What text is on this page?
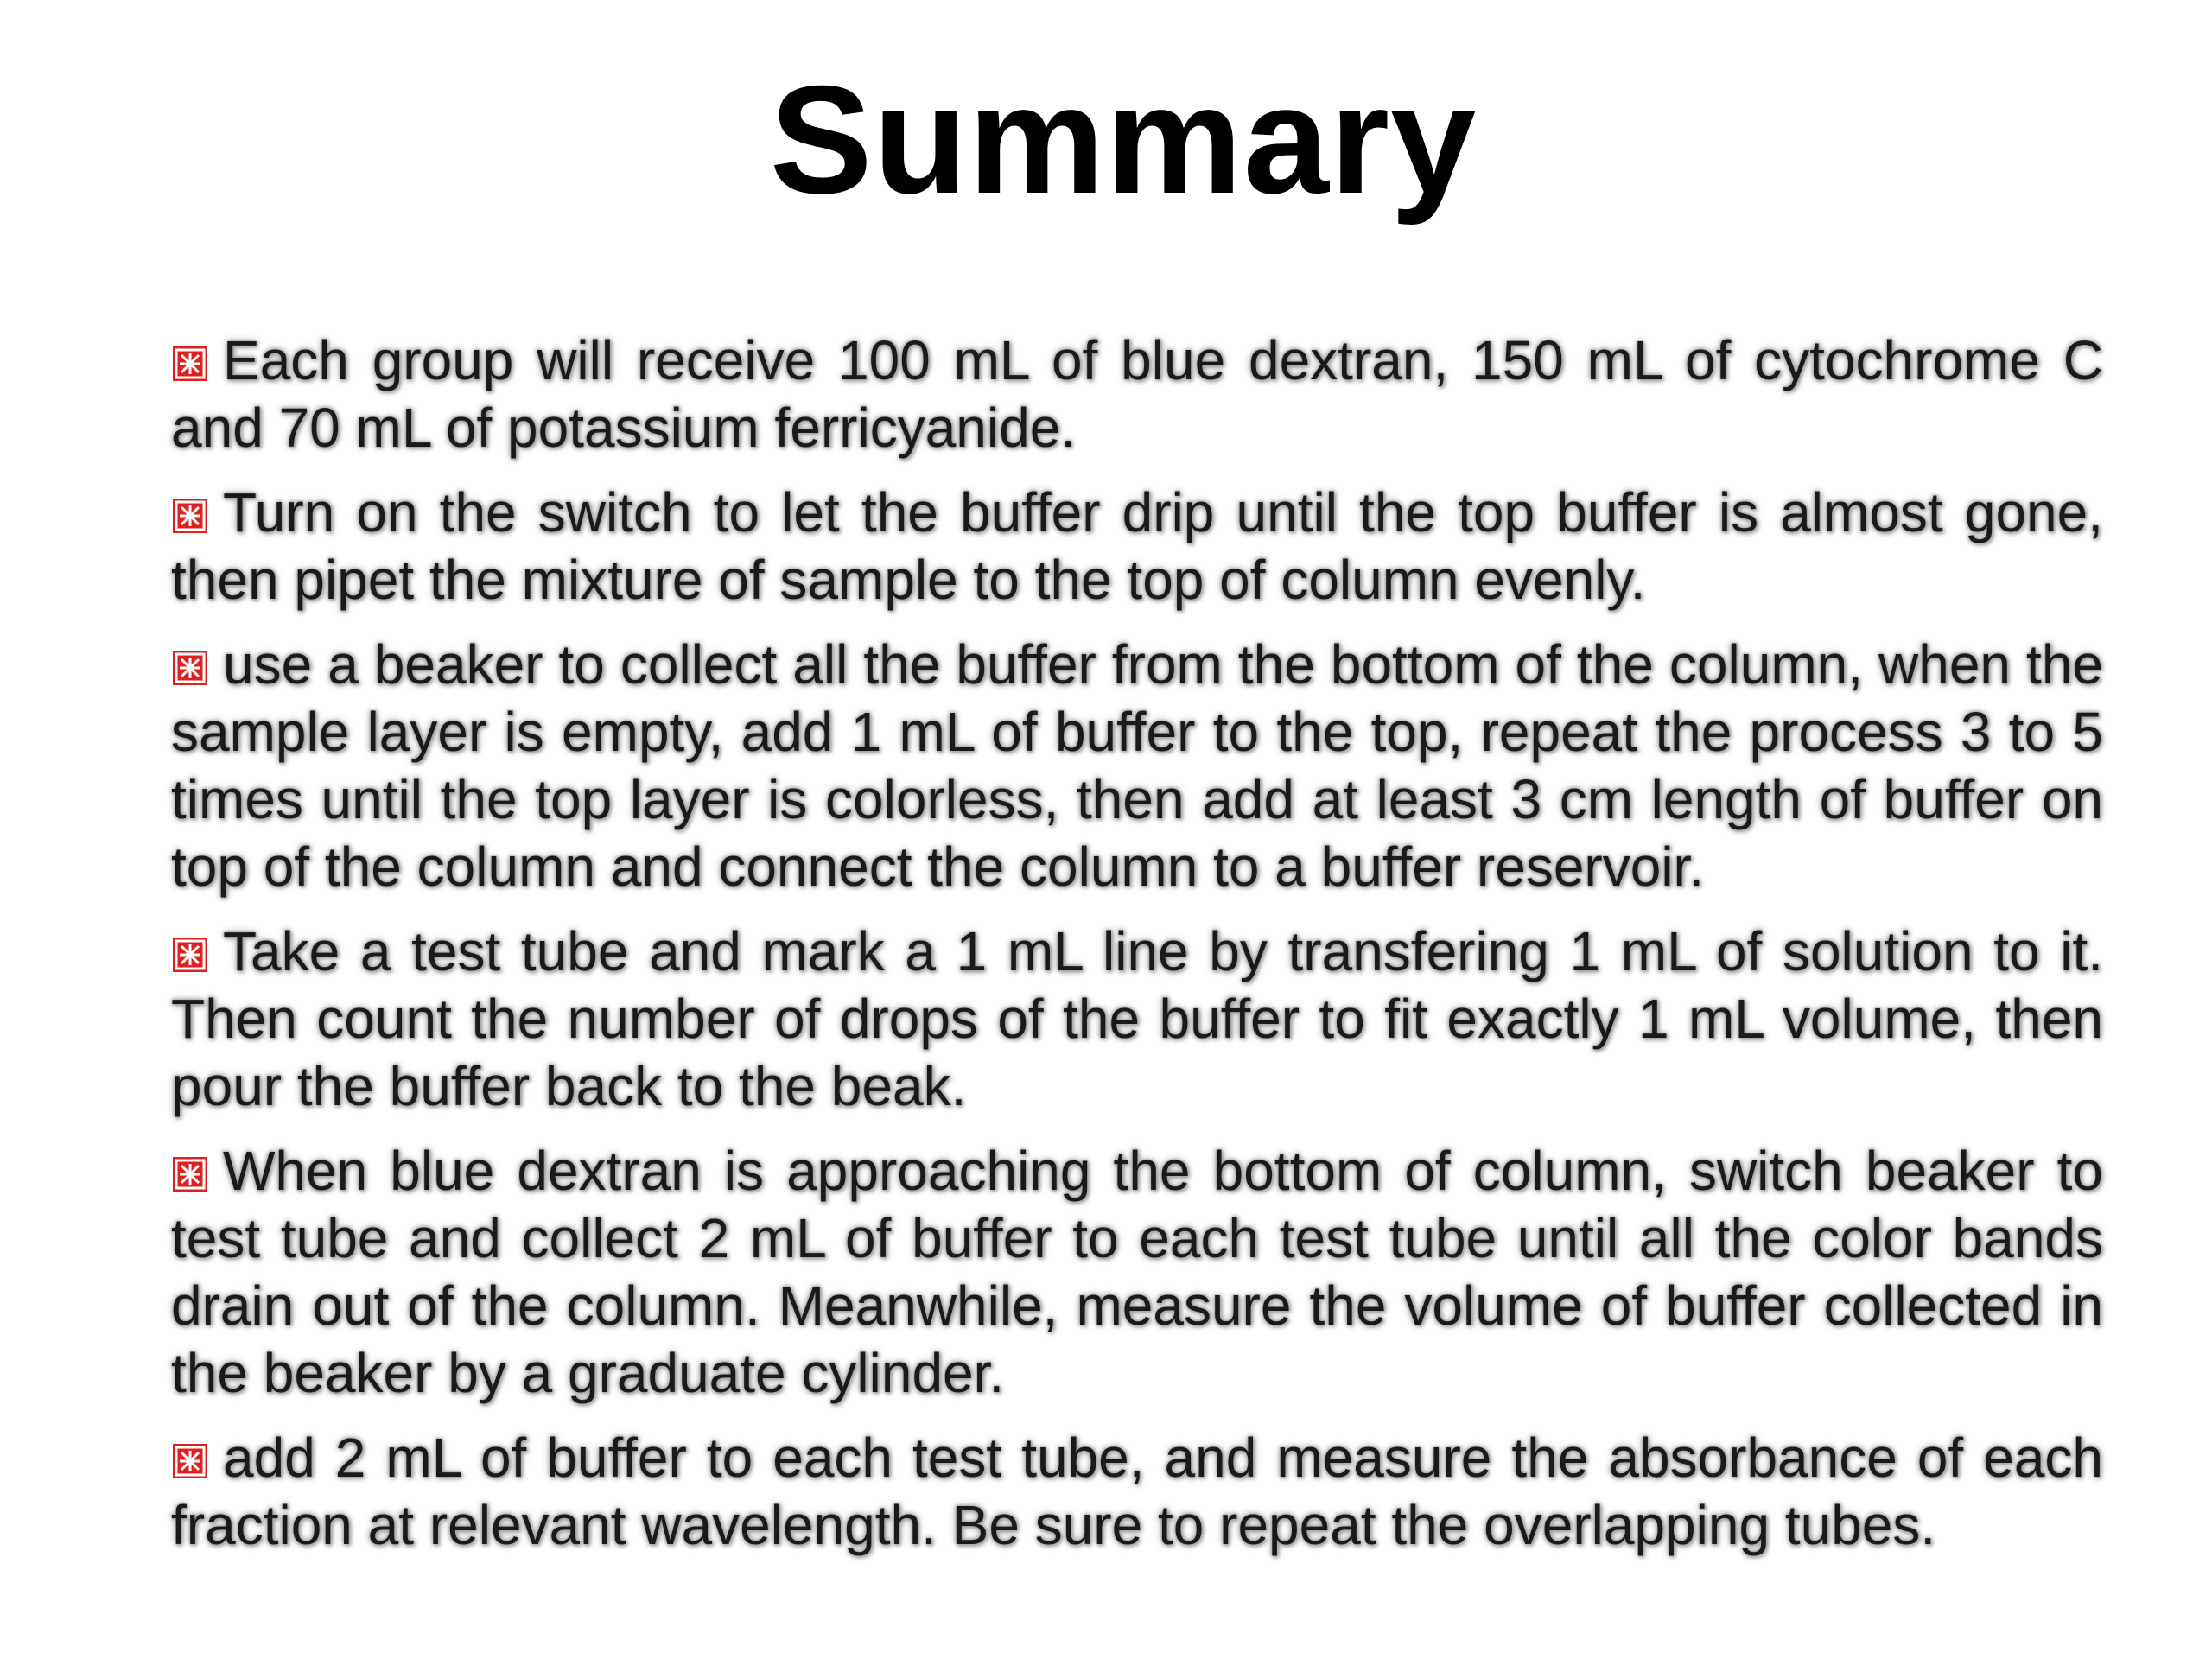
Summary
Each group will receive 100 mL of blue dextran, 150 mL of cytochrome C and 70 mL of potassium ferricyanide.
Turn on the switch to let the buffer drip until the top buffer is almost gone, then pipet the mixture of sample to the top of column evenly.
use a beaker to collect all the buffer from the bottom of the column, when the sample layer is empty, add 1 mL of buffer to the top, repeat the process 3 to 5 times until the top layer is colorless, then add at least 3 cm length of buffer on top of the column and connect the column to a buffer reservoir.
Take a test tube and mark a 1 mL line by transfering 1 mL of solution to it. Then count the number of drops of the buffer to fit exactly 1 mL volume, then pour the buffer back to the beak.
When blue dextran is approaching the bottom of column, switch beaker to test tube and collect 2 mL of buffer to each test tube until all the color bands drain out of the column. Meanwhile, measure the volume of buffer collected in the beaker by a graduate cylinder.
add 2 mL of buffer to each test tube, and measure the absorbance of each fraction at relevant wavelength. Be sure to repeat the overlapping tubes.
